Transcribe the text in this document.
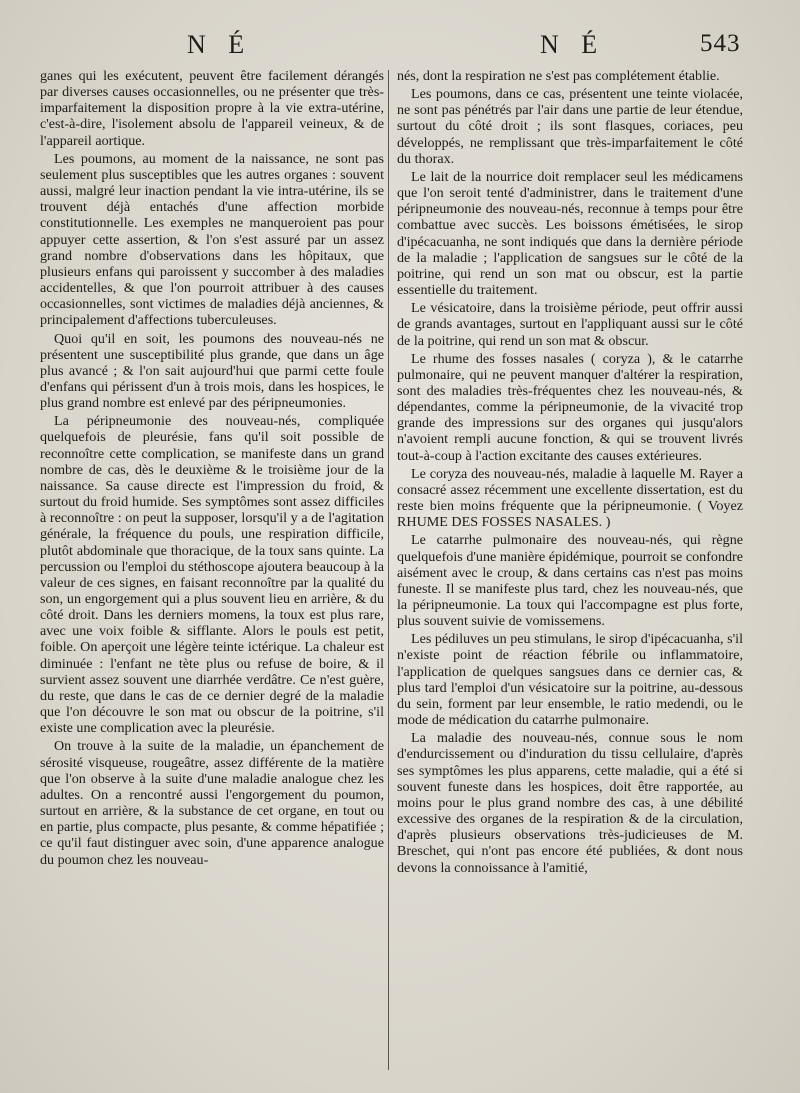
N É	N É	543

ganes qui les exécutent, peuvent être facilement dérangés par diverses causes occasionnelles, ou ne présenter que très-imparfaitement la disposition propre à la vie extra-utérine, c'est-à-dire, l'isolement absolu de l'appareil veineux, & de l'appareil aortique.

Les poumons, au moment de la naissance, ne sont pas seulement plus susceptibles que les autres organes : souvent aussi, malgré leur inaction pendant la vie intra-utérine, ils se trouvent déjà entachés d'une affection morbide constitutionnelle. Les exemples ne manqueroient pas pour appuyer cette assertion, & l'on s'est assuré par un assez grand nombre d'observations dans les hôpitaux, que plusieurs enfans qui paroissent y succomber à des maladies accidentelles, & que l'on pourroit attribuer à des causes occasionnelles, sont victimes de maladies déjà anciennes, & principalement d'affections tuberculeuses.

Quoi qu'il en soit, les poumons des nouveau-nés ne présentent une susceptibilité plus grande, que dans un âge plus avancé ; & l'on sait aujourd'hui que parmi cette foule d'enfans qui périssent d'un à trois mois, dans les hospices, le plus grand nombre est enlevé par des péripneumonies.

La péripneumonie des nouveau-nés, compliquée quelquefois de pleurésie, fans qu'il soit possible de reconnoître cette complication, se manifeste dans un grand nombre de cas, dès le deuxième & le troisième jour de la naissance. Sa cause directe est l'impression du froid, & surtout du froid humide. Ses symptômes sont assez difficiles à reconnoître : on peut la supposer, lorsqu'il y a de l'agitation générale, la fréquence du pouls, une respiration difficile, plutôt abdominale que thoracique, de la toux sans quinte. La percussion ou l'emploi du stéthoscope ajoutera beaucoup à la valeur de ces signes, en faisant reconnoître par la qualité du son, un engorgement qui a plus souvent lieu en arrière, & du côté droit. Dans les derniers momens, la toux est plus rare, avec une voix foible & sifflante. Alors le pouls est petit, foible. On aperçoit une légère teinte ictérique. La chaleur est diminuée : l'enfant ne tète plus ou refuse de boire, & il survient assez souvent une diarrhée verdâtre. Ce n'est guère, du reste, que dans le cas de ce dernier degré de la maladie que l'on découvre le son mat ou obscur de la poitrine, s'il existe une complication avec la pleurésie.

On trouve à la suite de la maladie, un épanchement de sérosité visqueuse, rougeâtre, assez différente de la matière que l'on observe à la suite d'une maladie analogue chez les adultes. On a rencontré aussi l'engorgement du poumon, surtout en arrière, & la substance de cet organe, en tout ou en partie, plus compacte, plus pesante, & comme hépatifiée ; ce qu'il faut distinguer avec soin, d'une apparence analogue du poumon chez les nouveau-

nés, dont la respiration ne s'est pas complétement établie.

Les poumons, dans ce cas, présentent une teinte violacée, ne sont pas pénétrés par l'air dans une partie de leur étendue, surtout du côté droit ; ils sont flasques, coriaces, peu développés, ne remplissant que très-imparfaitement le côté du thorax.

Le lait de la nourrice doit remplacer seul les médicamens que l'on seroit tenté d'administrer, dans le traitement d'une péripneumonie des nouveau-nés, reconnue à temps pour être combattue avec succès. Les boissons émétisées, le sirop d'ipécacuanha, ne sont indiqués que dans la dernière période de la maladie ; l'application de sangsues sur le côté de la poitrine, qui rend un son mat ou obscur, est la partie essentielle du traitement.

Le vésicatoire, dans la troisième période, peut offrir aussi de grands avantages, surtout en l'appliquant aussi sur le côté de la poitrine, qui rend un son mat & obscur.

Le rhume des fosses nasales ( coryza ), & le catarrhe pulmonaire, qui ne peuvent manquer d'altérer la respiration, sont des maladies très-fréquentes chez les nouveau-nés, & dépendantes, comme la péripneumonie, de la vivacité trop grande des impressions sur des organes qui jusqu'alors n'avoient rempli aucune fonction, & qui se trouvent livrés tout-à-coup à l'action excitante des causes extérieures.

Le coryza des nouveau-nés, maladie à laquelle M. Rayer a consacré assez récemment une excellente dissertation, est du reste bien moins fréquente que la péripneumonie. ( Voyez RHUME DES FOSSES NASALES. )

Le catarrhe pulmonaire des nouveau-nés, qui règne quelquefois d'une manière épidémique, pourroit se confondre aisément avec le croup, & dans certains cas n'est pas moins funeste. Il se manifeste plus tard, chez les nouveau-nés, que la péripneumonie. La toux qui l'accompagne est plus forte, plus souvent suivie de vomissemens.

Les pédiluves un peu stimulans, le sirop d'ipécacuanha, s'il n'existe point de réaction fébrile ou inflammatoire, l'application de quelques sangsues dans ce dernier cas, & plus tard l'emploi d'un vésicatoire sur la poitrine, au-dessous du sein, forment par leur ensemble, le ratio medendi, ou le mode de médication du catarrhe pulmonaire.

La maladie des nouveau-nés, connue sous le nom d'endurcissement ou d'induration du tissu cellulaire, d'après ses symptômes les plus apparens, cette maladie, qui a été si souvent funeste dans les hospices, doit être rapportée, au moins pour le plus grand nombre des cas, à une débilité excessive des organes de la respiration & de la circulation, d'après plusieurs observations très-judicieuses de M. Breschet, qui n'ont pas encore été publiées, & dont nous devons la connoissance à l'amitié,
